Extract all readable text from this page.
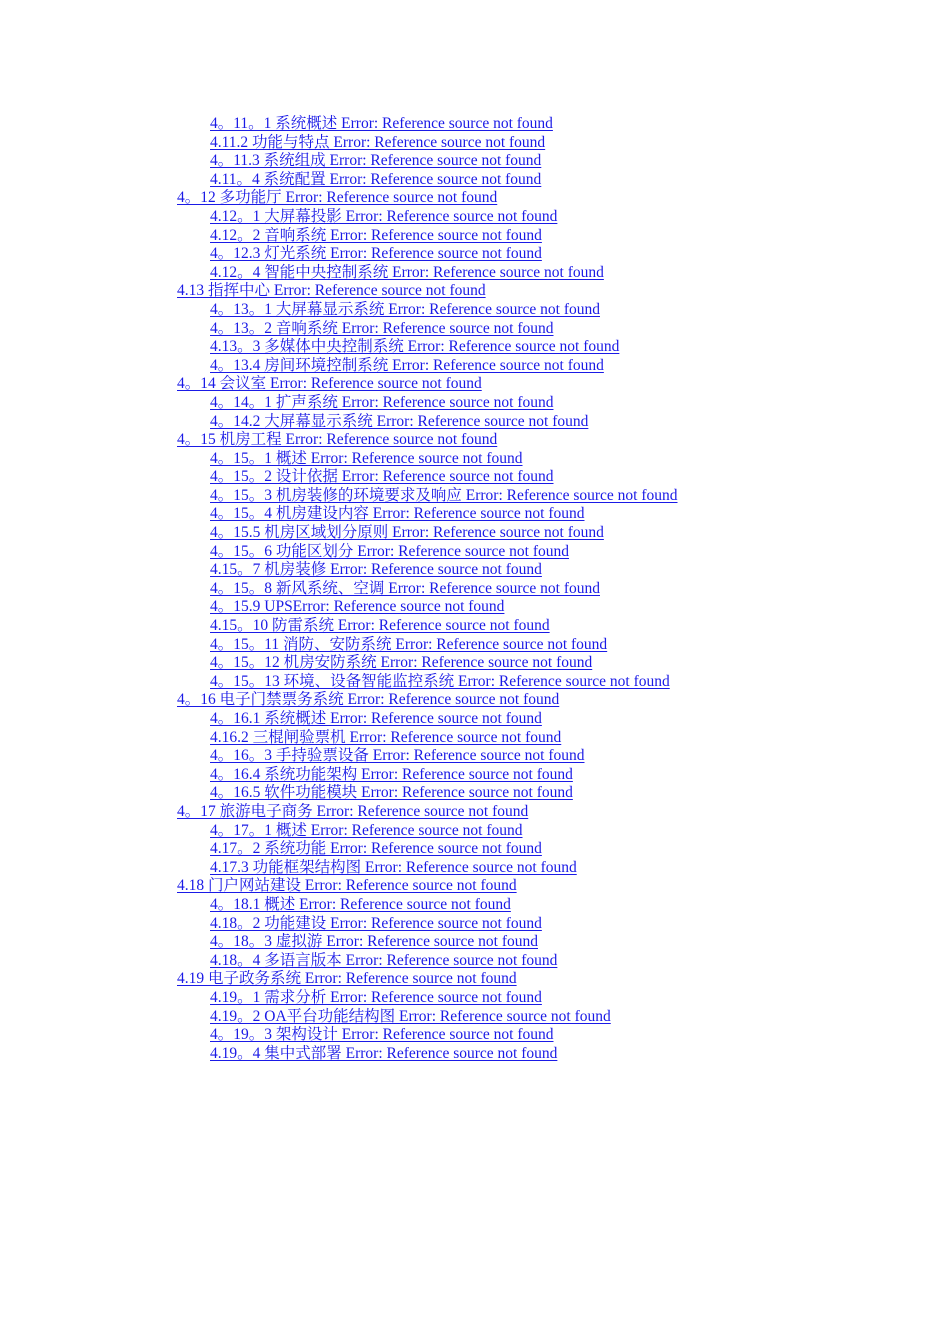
4。11。1 系统概述 Error: Reference source not found
4.11.2 功能与特点 Error: Reference source not found
4。11.3 系统组成 Error: Reference source not found
4.11。4 系统配置 Error: Reference source not found
4。12 多功能厅 Error: Reference source not found
4.12。1 大屏幕投影 Error: Reference source not found
4.12。2 音响系统 Error: Reference source not found
4。12.3 灯光系统 Error: Reference source not found
4.12。4 智能中央控制系统 Error: Reference source not found
4.13 指挥中心 Error: Reference source not found
4。13。1 大屏幕显示系统 Error: Reference source not found
4。13。2 音响系统 Error: Reference source not found
4.13。3 多媒体中央控制系统 Error: Reference source not found
4。13.4 房间环境控制系统 Error: Reference source not found
4。14 会议室 Error: Reference source not found
4。14。1 扩声系统 Error: Reference source not found
4。14.2 大屏幕显示系统 Error: Reference source not found
4。15 机房工程 Error: Reference source not found
4。15。1 概述 Error: Reference source not found
4。15。2 设计依据 Error: Reference source not found
4。15。3 机房装修的环境要求及响应 Error: Reference source not found
4。15。4 机房建设内容 Error: Reference source not found
4。15.5 机房区域划分原则 Error: Reference source not found
4。15。6 功能区划分 Error: Reference source not found
4.15。7 机房装修 Error: Reference source not found
4。15。8 新风系统、空调 Error: Reference source not found
4。15.9 UPSError: Reference source not found
4.15。10 防雷系统 Error: Reference source not found
4。15。11 消防、安防系统 Error: Reference source not found
4。15。12 机房安防系统 Error: Reference source not found
4。15。13 环境、设备智能监控系统 Error: Reference source not found
4。16 电子门禁票务系统 Error: Reference source not found
4。16.1 系统概述 Error: Reference source not found
4.16.2 三棍闸验票机 Error: Reference source not found
4。16。3 手持验票设备 Error: Reference source not found
4。16.4 系统功能架构 Error: Reference source not found
4。16.5 软件功能模块 Error: Reference source not found
4。17 旅游电子商务 Error: Reference source not found
4。17。1 概述 Error: Reference source not found
4.17。2 系统功能 Error: Reference source not found
4.17.3 功能框架结构图 Error: Reference source not found
4.18 门户网站建设 Error: Reference source not found
4。18.1 概述 Error: Reference source not found
4.18。2 功能建设 Error: Reference source not found
4。18。3 虚拟游 Error: Reference source not found
4.18。4 多语言版本 Error: Reference source not found
4.19 电子政务系统 Error: Reference source not found
4.19。1 需求分析 Error: Reference source not found
4.19。2 OA平台功能结构图 Error: Reference source not found
4。19。3 架构设计 Error: Reference source not found
4.19。4 集中式部署 Error: Reference source not found
